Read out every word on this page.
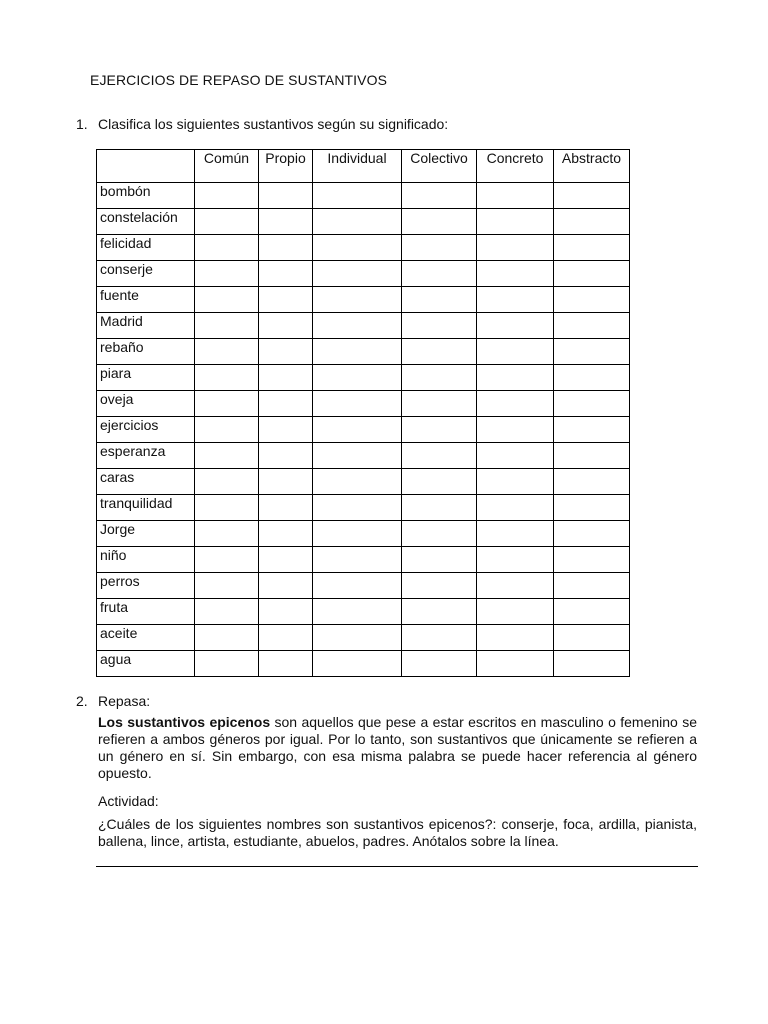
EJERCICIOS DE REPASO DE SUSTANTIVOS
1. Clasifica los siguientes sustantivos según su significado:
	Común	Propio	Individual	Colectivo	Concreto	Abstracto
bombón						
constelación						
felicidad						
conserje						
fuente						
Madrid						
rebaño						
piara						
oveja						
ejercicios						
esperanza						
caras						
tranquilidad						
Jorge						
niño						
perros						
fruta						
aceite						
agua						
2. Repasa:
Los sustantivos epicenos son aquellos que pese a estar escritos en masculino o femenino se refieren a ambos géneros por igual. Por lo tanto, son sustantivos que únicamente se refieren a un género en sí. Sin embargo, con esa misma palabra se puede hacer referencia al género opuesto.
Actividad:
¿Cuáles de los siguientes nombres son sustantivos epicenos?: conserje, foca, ardilla, pianista, ballena, lince, artista, estudiante, abuelos, padres. Anótalos sobre la línea.
